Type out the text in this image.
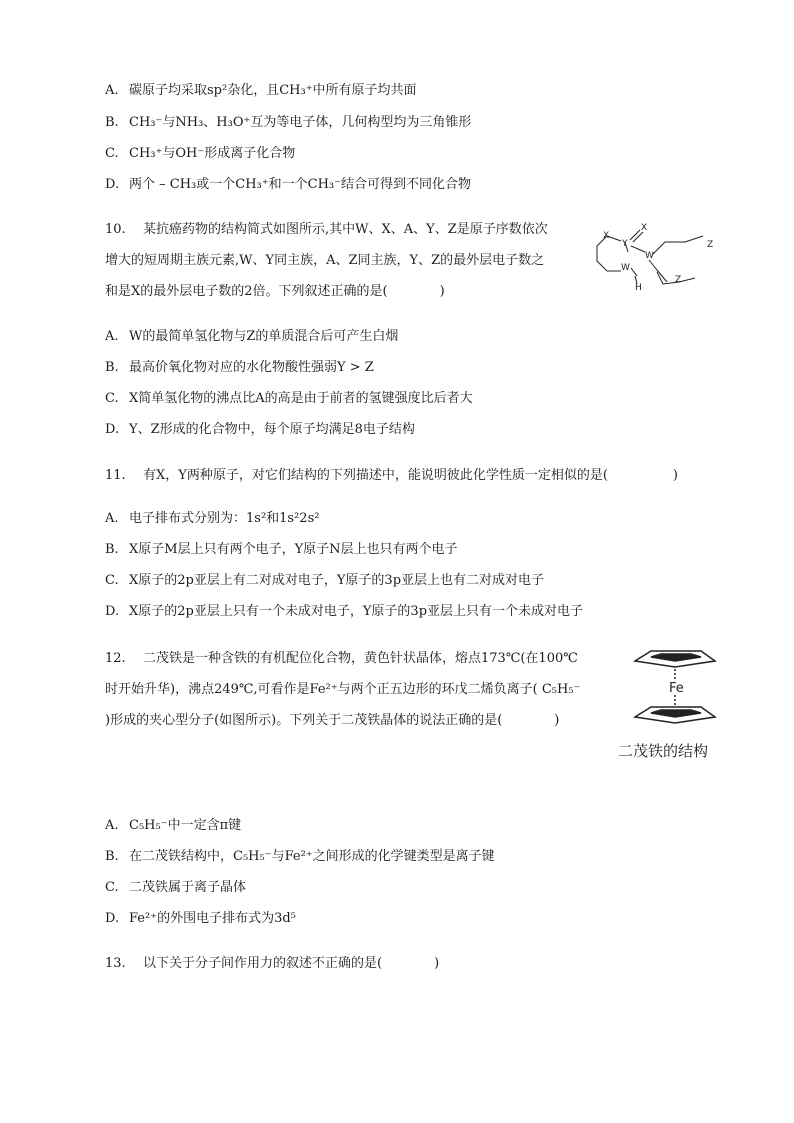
A. 碳原子均采取sp²杂化，且CH₃⁺中所有原子均共面
B. CH₃⁻与NH₃、H₃O⁺互为等电子体，几何构型均为三角锥形
C. CH₃⁺与OH⁻形成离子化合物
D. 两个 – CH₃或一个CH₃⁺和一个CH₃⁻结合可得到不同化合物
10. 某抗癌药物的结构简式如图所示,其中W、X、A、Y、Z是原子序数依次
增大的短周期主族元素,W、Y同主族，A、Z同主族，Y、Z的最外层电子数之
和是X的最外层电子数的2倍。下列叙述正确的是(　　　　)
X
Y
X
W
W
H
Z
Z
A. W的最简单氢化物与Z的单质混合后可产生白烟
B. 最高价氧化物对应的水化物酸性强弱Y > Z
C. X简单氢化物的沸点比A的高是由于前者的氢键强度比后者大
D. Y、Z形成的化合物中，每个原子均满足8电子结构
11. 有X，Y两种原子，对它们结构的下列描述中，能说明彼此化学性质一定相似的是(　　　　　)
A. 电子排布式分别为：1s²和1s²2s²
B. X原子M层上只有两个电子，Y原子N层上也只有两个电子
C. X原子的2p亚层上有二对成对电子，Y原子的3p亚层上也有二对成对电子
D. X原子的2p亚层上只有一个未成对电子，Y原子的3p亚层上只有一个未成对电子
12. 二茂铁是一种含铁的有机配位化合物，黄色针状晶体，熔点173℃(在100℃
时开始升华)，沸点249℃,可看作是Fe²⁺与两个正五边形的环戊二烯负离子( C₅H₅⁻
)形成的夹心型分子(如图所示)。下列关于二茂铁晶体的说法正确的是(　　　　)
Fe
二茂铁的结构
A. C₅H₅⁻中一定含π键
B. 在二茂铁结构中，C₅H₅⁻与Fe²⁺之间形成的化学键类型是离子键
C. 二茂铁属于离子晶体
D. Fe²⁺的外围电子排布式为3d⁵
13. 以下关于分子间作用力的叙述不正确的是(　　　　)
